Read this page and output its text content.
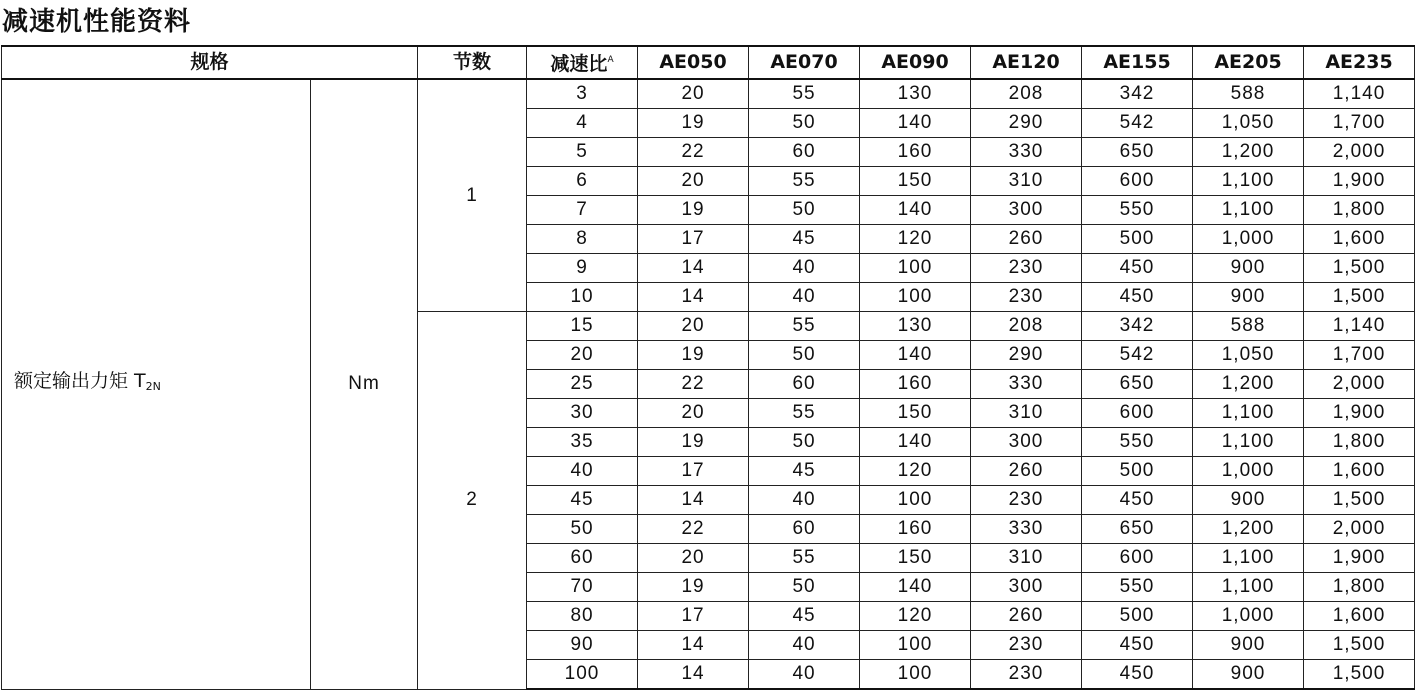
减速机性能资料
规格		节数	减速比$^A$	AE050	AE070	AE090	AE120	AE155	AE205	AE235
额定输出力矩 $T_{2N}$	Nm	1	3	20	55	130	208	342	588	1,140
			4	19	50	140	290	542	1,050	1,700
			5	22	60	160	330	650	1,200	2,000
			6	20	55	150	310	600	1,100	1,900
			7	19	50	140	300	550	1,100	1,800
			8	17	45	120	260	500	1,000	1,600
			9	14	40	100	230	450	900	1,500
			10	14	40	100	230	450	900	1,500
		2	15	20	55	130	208	342	588	1,140
			20	19	50	140	290	542	1,050	1,700
			25	22	60	160	330	650	1,200	2,000
			30	20	55	150	310	600	1,100	1,900
			35	19	50	140	300	550	1,100	1,800
			40	17	45	120	260	500	1,000	1,600
			45	14	40	100	230	450	900	1,500
			50	22	60	160	330	650	1,200	2,000
			60	20	55	150	310	600	1,100	1,900
			70	19	50	140	300	550	1,100	1,800
			80	17	45	120	260	500	1,000	1,600
			90	14	40	100	230	450	900	1,500
			100	14	40	100	230	450	900	1,500
